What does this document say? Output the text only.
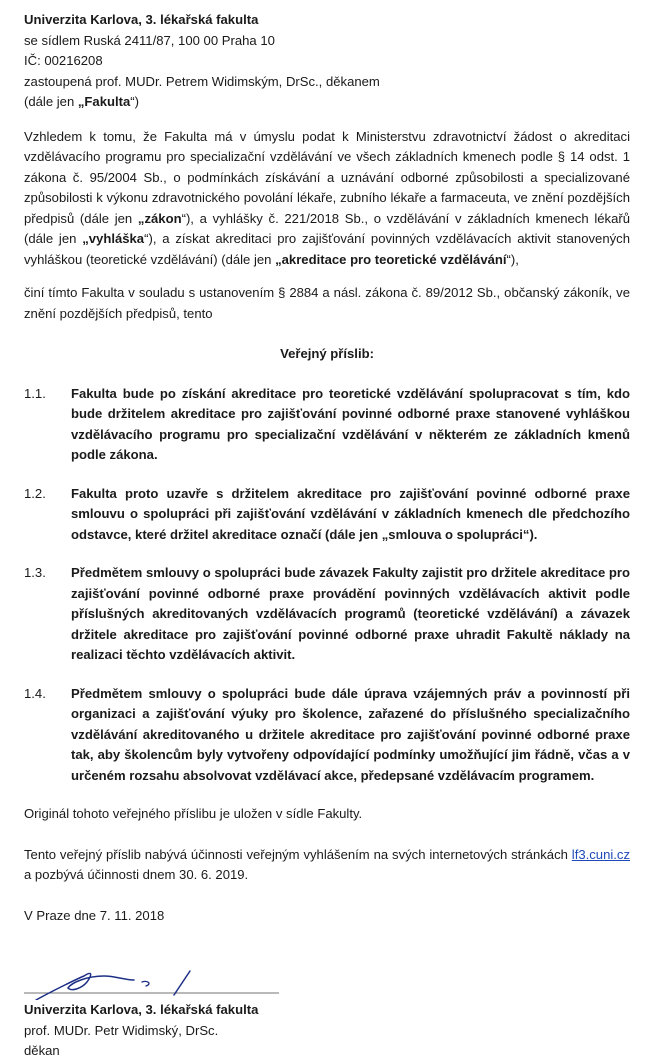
Univerzita Karlova, 3. lékařská fakulta

se sídlem Ruská 2411/87, 100 00 Praha 10

IČ: 00216208

zastoupená prof. MUDr. Petrem Widimským, DrSc., děkanem

(dále jen „Fakulta“)

Vzhledem k tomu, že Fakulta má v úmyslu podat k Ministerstvu zdravotnictví žádost o akreditaci vzdělávacího programu pro specializační vzdělávání ve všech základních kmenech podle § 14 odst. 1 zákona č. 95/2004 Sb., o podmínkách získávání a uznávání odborné způsobilosti a specializované způsobilosti k výkonu zdravotnického povolání lékaře, zubního lékaře a farmaceuta, ve znění pozdějších předpisů (dále jen „zákon“), a vyhlášky č. 221/2018 Sb., o vzdělávání v základních kmenech lékařů (dále jen „vyhláška“), a získat akreditaci pro zajišťování povinných vzdělávacích aktivit stanovených vyhláškou (teoretické vzdělávání) (dále jen „akreditace pro teoretické vzdělávání“),

činí tímto Fakulta v souladu s ustanovením § 2884 a násl. zákona č. 89/2012 Sb., občanský zákoník, ve znění pozdějších předpisů, tento

Veřejný příslib:

1.1.	Fakulta bude po získání akreditace pro teoretické vzdělávání spolupracovat s tím, kdo bude držitelem akreditace pro zajišťování povinné odborné praxe stanovené vyhláškou vzdělávacího programu pro specializační vzdělávání v některém ze základních kmenů podle zákona.
1.2.	Fakulta proto uzavře s držitelem akreditace pro zajišťování povinné odborné praxe smlouvu o spolupráci při zajišťování vzdělávání v základních kmenech dle předchozího odstavce, které držitel akreditace označí (dále jen „smlouva o spolupráci“).
1.3.	Předmětem smlouvy o spolupráci bude závazek Fakulty zajistit pro držitele akreditace pro zajišťování povinné odborné praxe provádění povinných vzdělávacích aktivit podle příslušných akreditovaných vzdělávacích programů (teoretické vzdělávání) a závazek držitele akreditace pro zajišťování povinné odborné praxe uhradit Fakultě náklady na realizaci těchto vzdělávacích aktivit.
1.4.	Předmětem smlouvy o spolupráci bude dále úprava vzájemných práv a povinností při organizaci a zajišťování výuky pro školence, zařazené do příslušného specializačního vzdělávání akreditovaného u držitele akreditace pro zajišťování povinné odborné praxe tak, aby školencům byly vytvořeny odpovídající podmínky umožňující jim řádně, včas a v určeném rozsahu absolvovat vzdělávací akce, předepsané vzdělávacím programem.

Originál tohoto veřejného příslibu je uložen v sídle Fakulty.

Tento veřejný příslib nabývá účinnosti veřejným vyhlášením na svých internetových stránkách lf3.cuni.cz a pozbývá účinnosti dnem 30. 6. 2019.

V Praze dne 7. 11. 2018

Univerzita Karlova, 3. lékařská fakulta

prof. MUDr. Petr Widimský, DrSc.

děkan
